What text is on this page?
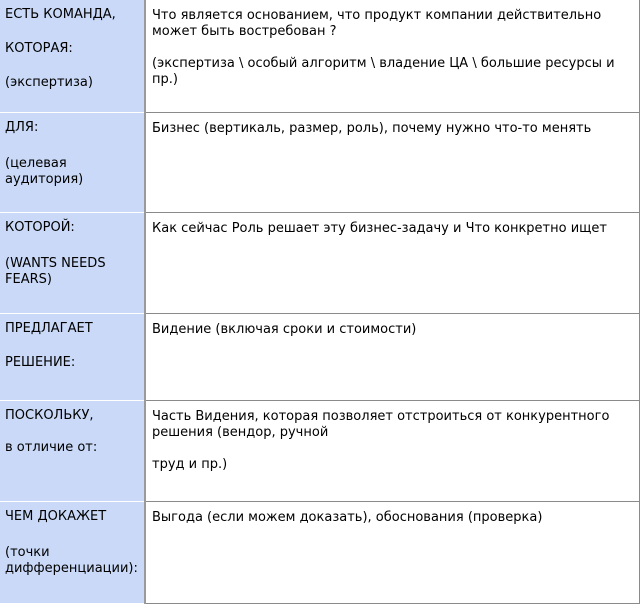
ЕСТЬ КОМАНДА,
КОТОРАЯ:
(экспертиза)	Что является основанием, что продукт компании действительно может быть востребован ?
(экспертиза \ особый алгоритм \ владение ЦА \ большие ресурсы и пр.)

ДЛЯ:
(целевая аудитория)	Бизнес (вертикаль, размер, роль), почему нужно что-то менять

КОТОРОЙ:
(WANTS NEEDS FEARS)	Как сейчас Роль решает эту бизнес-задачу и Что конкретно ищет

ПРЕДЛАГАЕТ
РЕШЕНИЕ:	Видение (включая сроки и стоимости)

ПОСКОЛЬКУ,
в отличие от:	Часть Видения, которая позволяет отстроиться от конкурентного решения (вендор, ручной
труд и пр.)

ЧЕМ ДОКАЖЕТ
(точки дифференциации):	Выгода (если можем доказать), обоснования (проверка)
